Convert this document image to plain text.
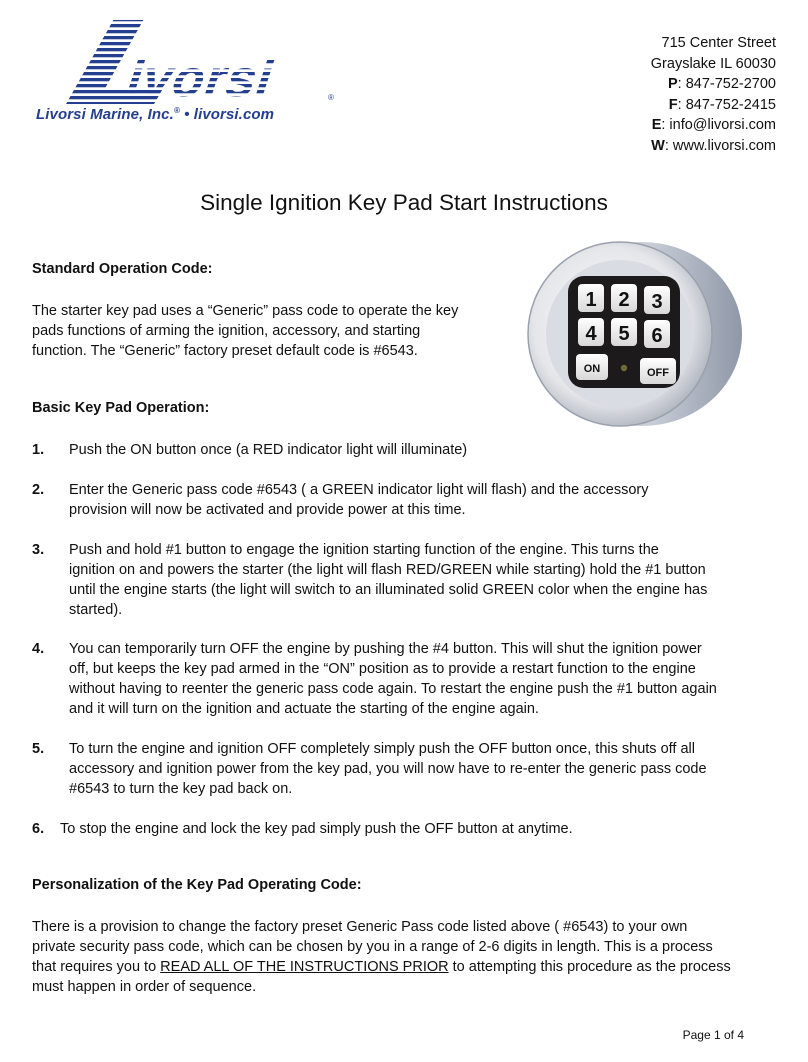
ivorsi	®
Livorsi Marine, Inc.® • livorsi.com
715 Center Street
Grayslake IL 60030
P: 847-752-2700
F: 847-752-2415
E: info@livorsi.com
W: www.livorsi.com
Single Ignition Key Pad Start Instructions
Standard Operation Code:
The starter key pad uses a “Generic” pass code to operate the key
pads functions of arming the ignition, accessory, and starting
function. The “Generic” factory preset default code is #6543.
1 2 3
4 5 6
ON	OFF
Basic Key Pad Operation:
1. Push the ON button once (a RED indicator light will illuminate)
2. Enter the Generic pass code #6543 ( a GREEN indicator light will flash) and the accessory
provision will now be activated and provide power at this time.
3. Push and hold #1 button to engage the ignition starting function of the engine. This turns the
ignition on and powers the starter (the light will flash RED/GREEN while starting) hold the #1 button
until the engine starts (the light will switch to an illuminated solid GREEN color when the engine has
started).
4. You can temporarily turn OFF the engine by pushing the #4 button. This will shut the ignition power
off, but keeps the key pad armed in the “ON” position as to provide a restart function to the engine
without having to reenter the generic pass code again. To restart the engine push the #1 button again
and it will turn on the ignition and actuate the starting of the engine again.
5. To turn the engine and ignition OFF completely simply push the OFF button once, this shuts off all
accessory and ignition power from the key pad, you will now have to re-enter the generic pass code
#6543 to turn the key pad back on.
6. To stop the engine and lock the key pad simply push the OFF button at anytime.
Personalization of the Key Pad Operating Code:
There is a provision to change the factory preset Generic Pass code listed above ( #6543) to your own
private security pass code, which can be chosen by you in a range of 2-6 digits in length. This is a process
that requires you to READ ALL OF THE INSTRUCTIONS PRIOR to attempting this procedure as the process
must happen in order of sequence.
Page 1 of 4
